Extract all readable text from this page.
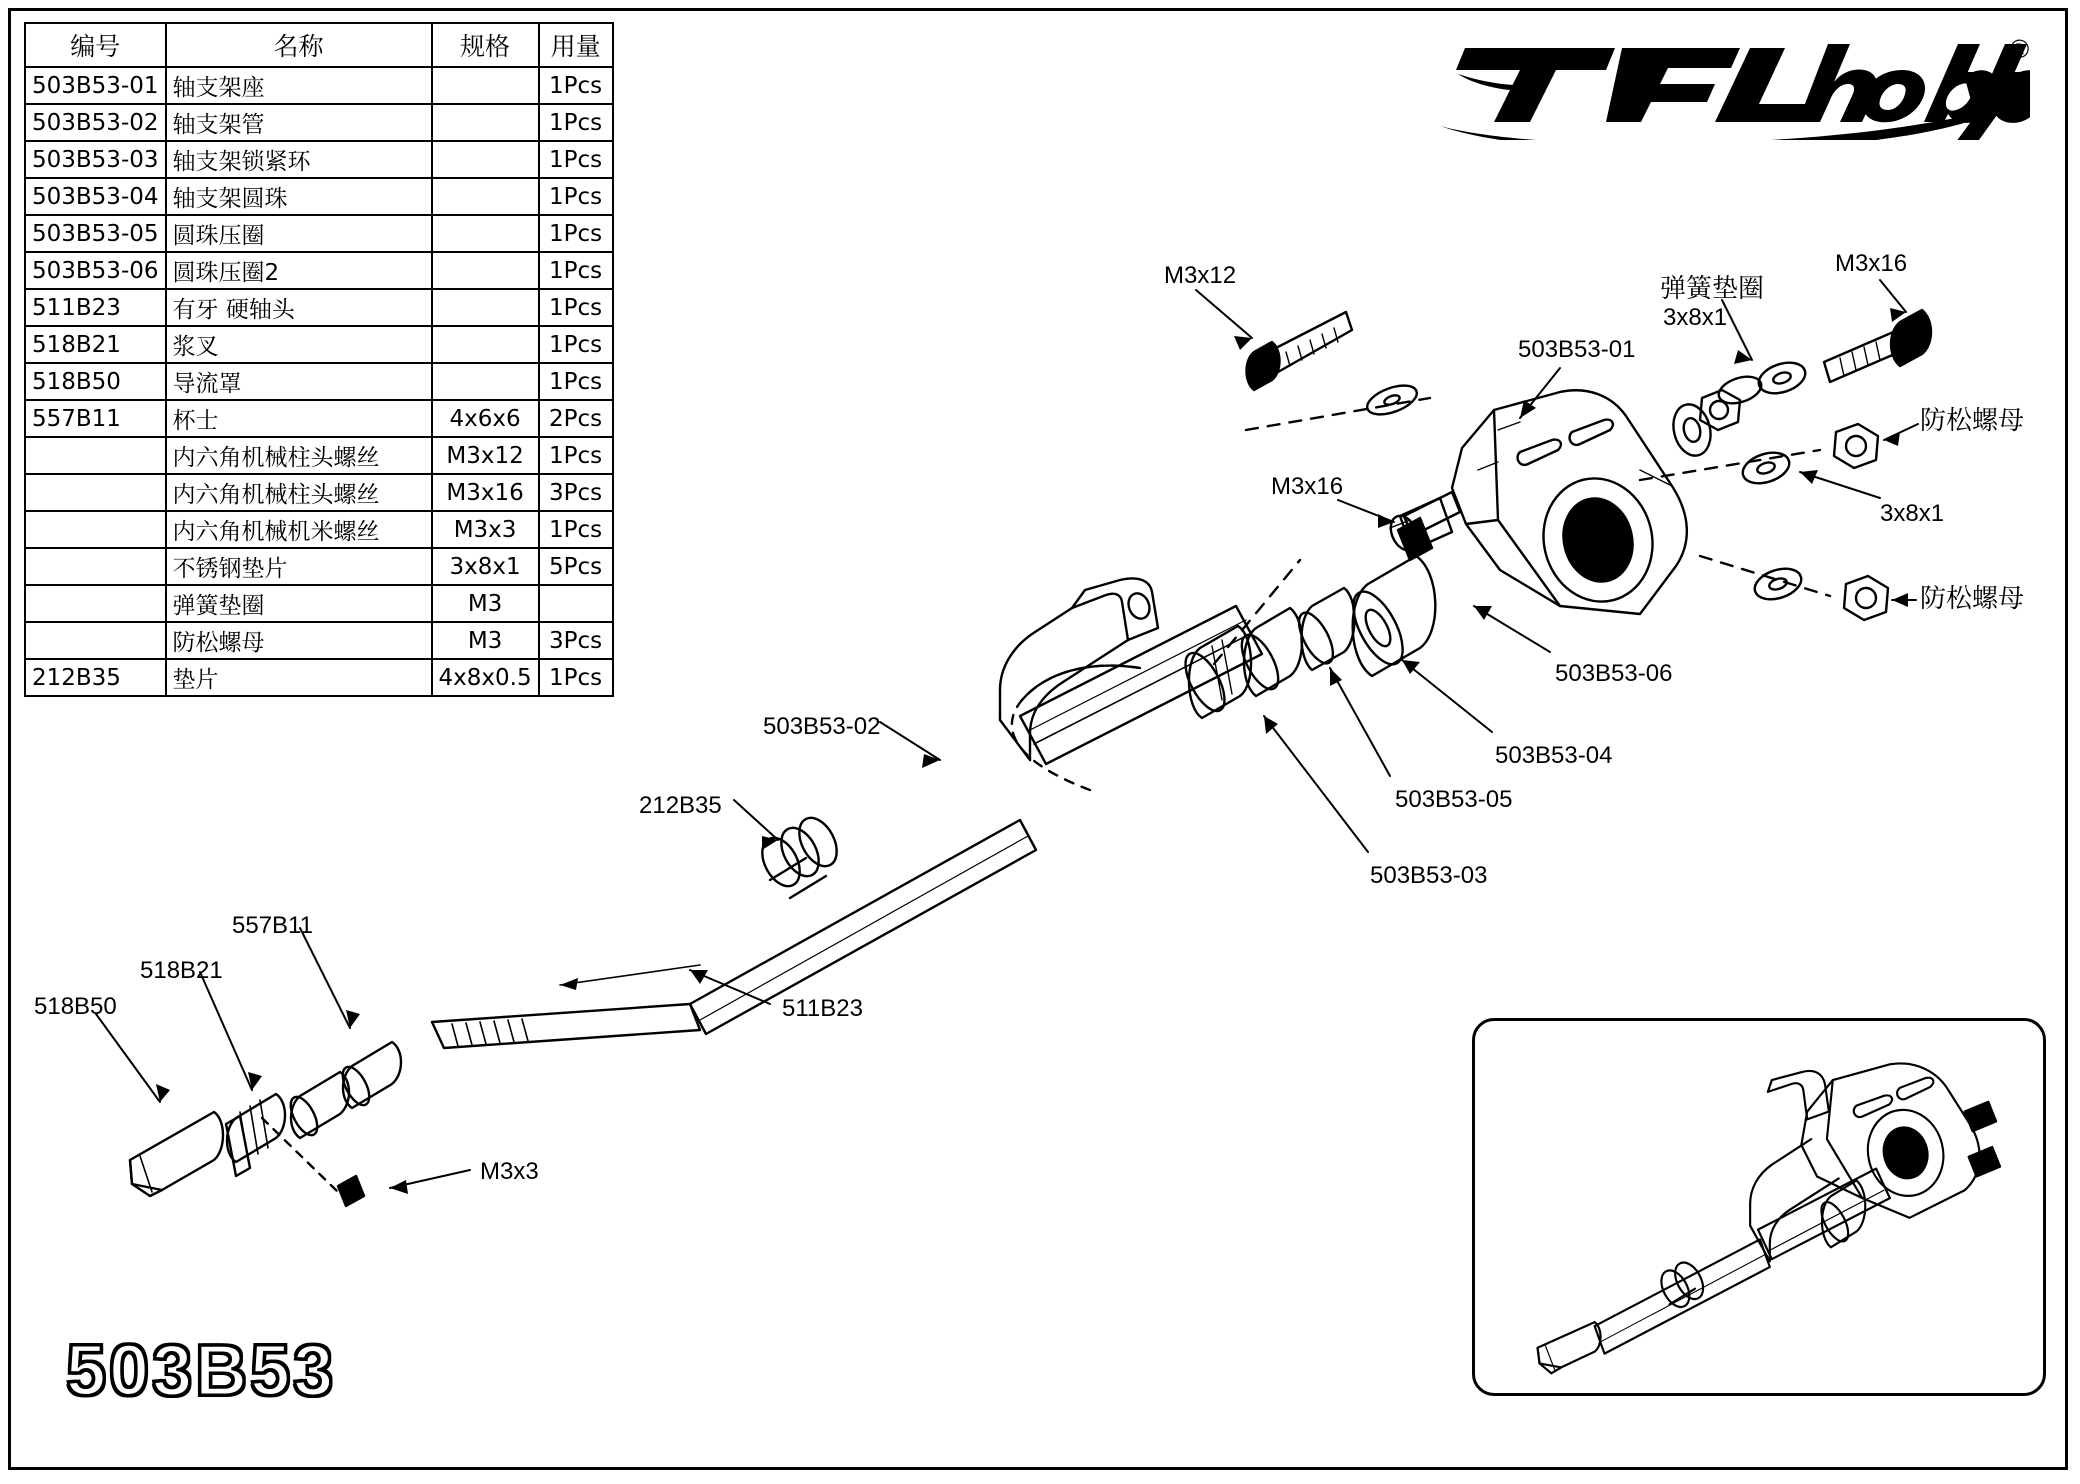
编号	名称	规格	用量
503B53-01	轴支架座		1Pcs
503B53-02	轴支架管		1Pcs
503B53-03	轴支架锁紧环		1Pcs
503B53-04	轴支架圆珠		1Pcs
503B53-05	圆珠压圈		1Pcs
503B53-06	圆珠压圈2		1Pcs
511B23	有牙 硬轴头		1Pcs
518B21	浆叉		1Pcs
518B50	导流罩		1Pcs
557B11	杯士	4x6x6	2Pcs
	内六角机械柱头螺丝	M3x12	1Pcs
	内六角机械柱头螺丝	M3x16	3Pcs
	内六角机械机米螺丝	M3x3	1Pcs
	不锈钢垫片	3x8x1	5Pcs
	弹簧垫圈	M3	
	防松螺母	M3	3Pcs
212B35	垫片	4x8x0.5	1Pcs
®
M3x12
M3x16
503B53-01
弹簧垫圈
3x8x1
M3x16
防松螺母
3x8x1
防松螺母
503B53-06
503B53-04
503B53-05
503B53-03
503B53-02
212B35
557B11
518B21
518B50	511B23
M3x3
503B53
